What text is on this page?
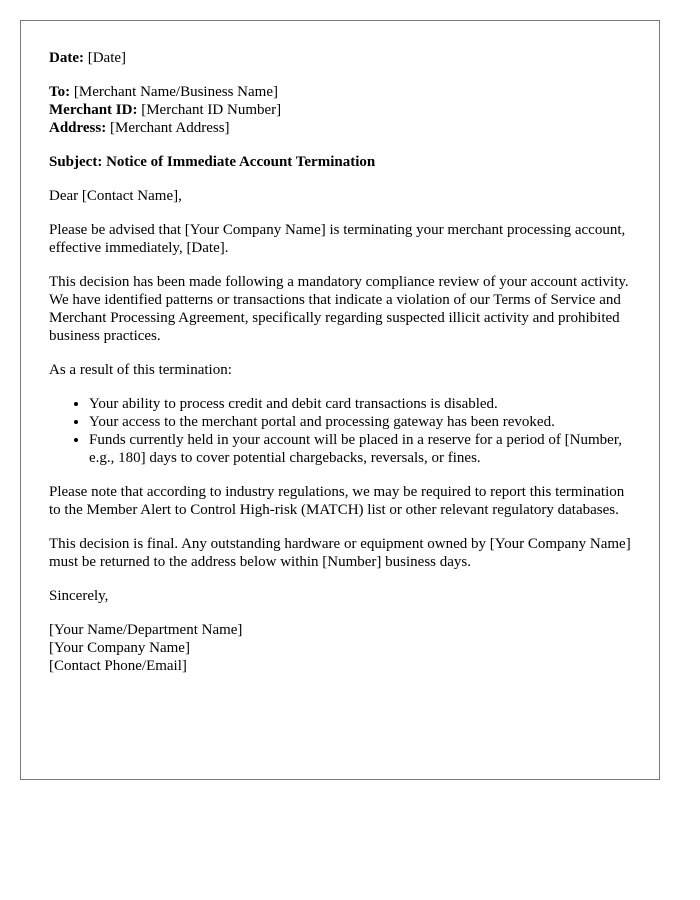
Date: [Date]

To: [Merchant Name/Business Name]
Merchant ID: [Merchant ID Number]
Address: [Merchant Address]

Subject: Notice of Immediate Account Termination

Dear [Contact Name],

Please be advised that [Your Company Name] is terminating your merchant processing account, effective immediately, [Date].

This decision has been made following a mandatory compliance review of your account activity. We have identified patterns or transactions that indicate a violation of our Terms of Service and Merchant Processing Agreement, specifically regarding suspected illicit activity and prohibited business practices.

As a result of this termination:

• Your ability to process credit and debit card transactions is disabled.
• Your access to the merchant portal and processing gateway has been revoked.
• Funds currently held in your account will be placed in a reserve for a period of [Number, e.g., 180] days to cover potential chargebacks, reversals, or fines.

Please note that according to industry regulations, we may be required to report this termination to the Member Alert to Control High-risk (MATCH) list or other relevant regulatory databases.

This decision is final. Any outstanding hardware or equipment owned by [Your Company Name] must be returned to the address below within [Number] business days.

Sincerely,

[Your Name/Department Name]
[Your Company Name]
[Contact Phone/Email]
